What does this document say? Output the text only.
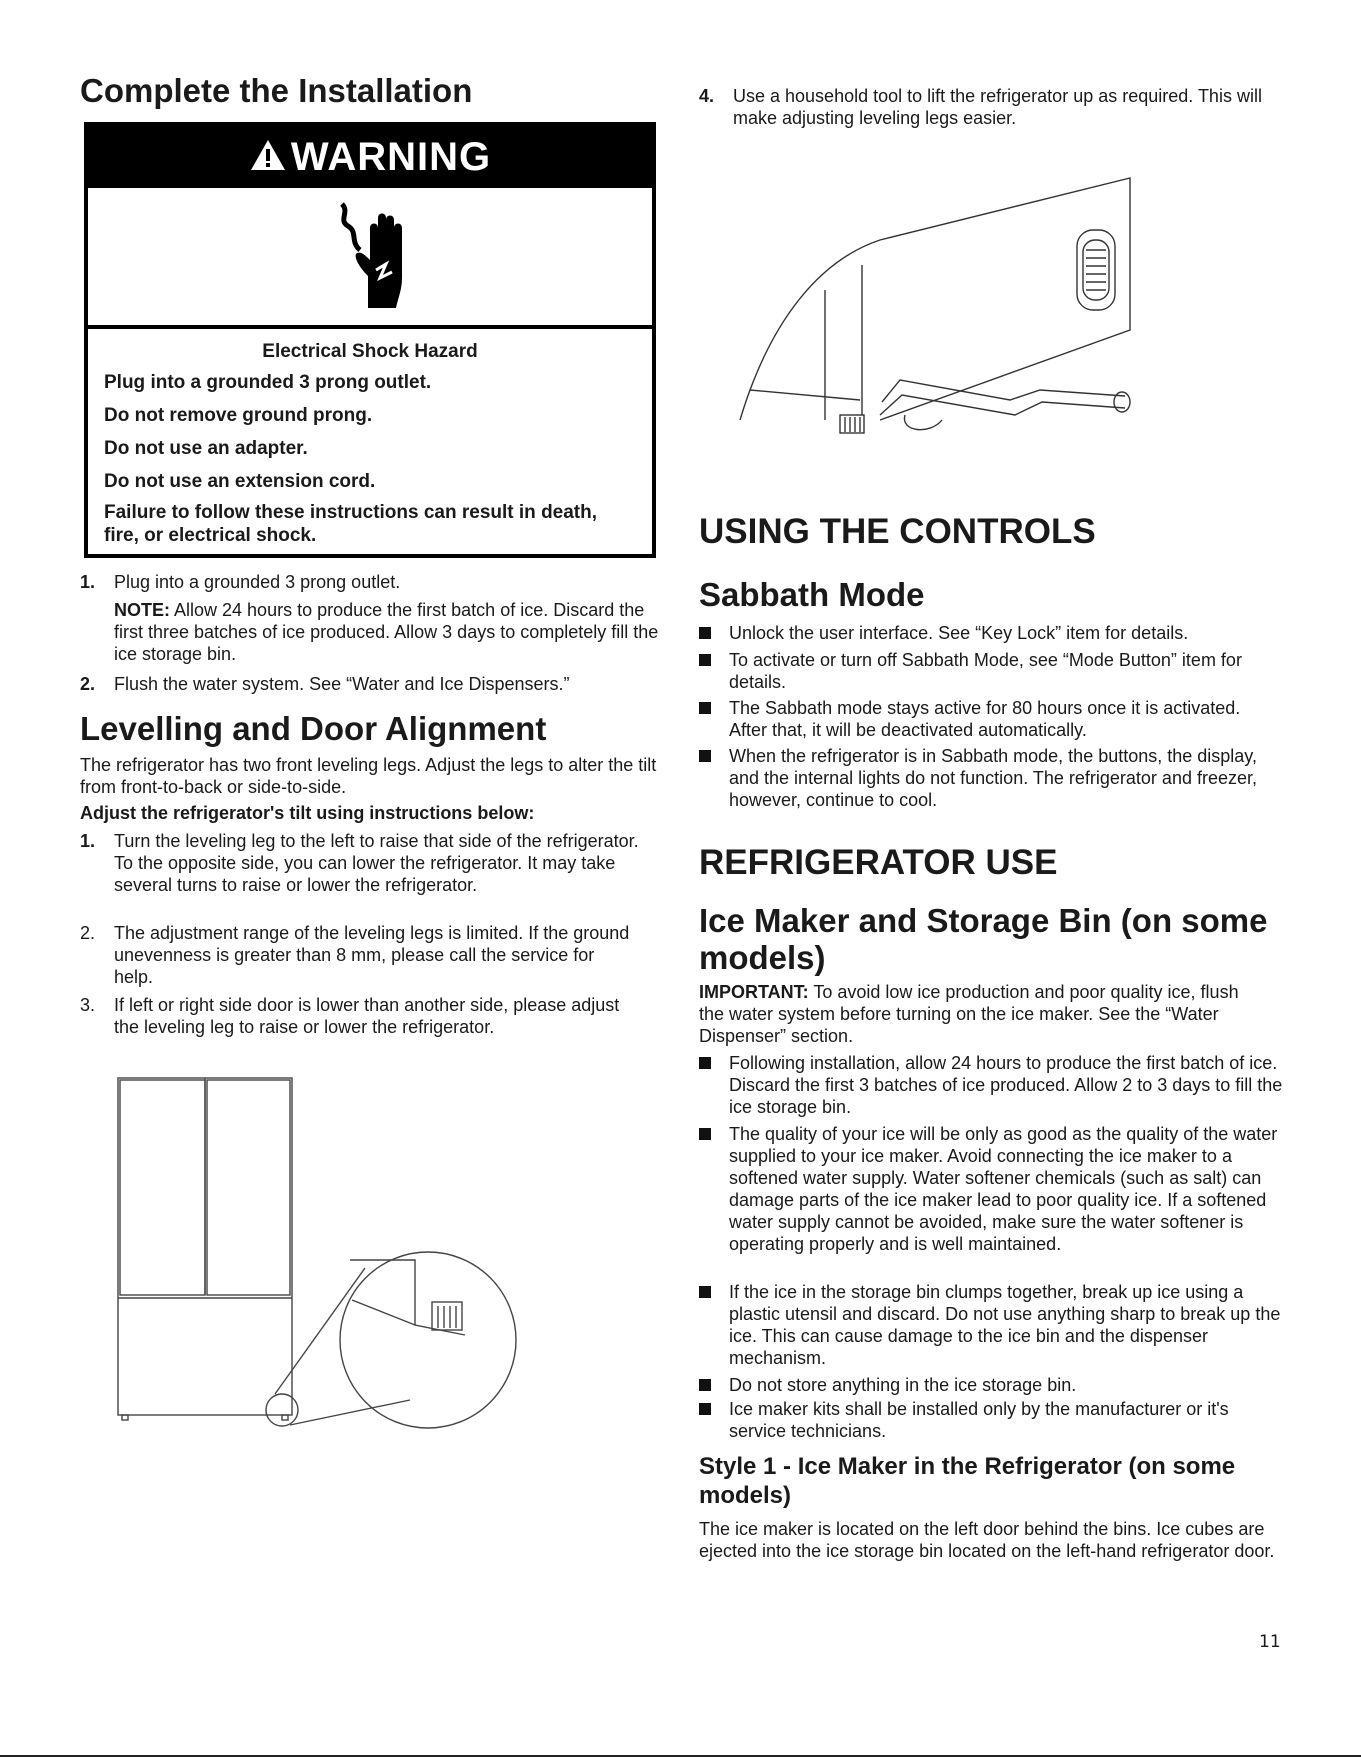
Complete the Installation
WARNING
Electrical Shock Hazard

Plug into a grounded 3 prong outlet.

Do not remove ground prong.

Do not use an adapter.

Do not use an extension cord.

Failure to follow these instructions can result in death, fire, or electrical shock.

1. Plug into a grounded 3 prong outlet.
NOTE: Allow 24 hours to produce the first batch of ice. Discard the first three batches of ice produced. Allow 3 days to completely fill the ice storage bin.
2. Flush the water system. See “Water and Ice Dispensers.”
Levelling and Door Alignment
The refrigerator has two front leveling legs. Adjust the legs to alter the tilt from front-to-back or side-to-side.
Adjust the refrigerator's tilt using instructions below:
1. Turn the leveling leg to the left to raise that side of the refrigerator. To the opposite side, you can lower the refrigerator. It may take several turns to raise or lower the refrigerator.
2. The adjustment range of the leveling legs is limited. If the ground unevenness is greater than 8 mm, please call the service for help.
3. If left or right side door is lower than another side, please adjust the leveling leg to raise or lower the refrigerator.
4. Use a household tool to lift the refrigerator up as required. This will make adjusting leveling legs easier.
USING THE CONTROLS
Sabbath Mode
Unlock the user interface. See “Key Lock” item for details.
To activate or turn off Sabbath Mode, see “Mode Button” item for details.
The Sabbath mode stays active for 80 hours once it is activated. After that, it will be deactivated automatically.
When the refrigerator is in Sabbath mode, the buttons, the display, and the internal lights do not function. The refrigerator and freezer, however, continue to cool.
REFRIGERATOR USE
Ice Maker and Storage Bin (on some models)
IMPORTANT: To avoid low ice production and poor quality ice, flush the water system before turning on the ice maker. See the “Water Dispenser” section.
Following installation, allow 24 hours to produce the first batch of ice. Discard the first 3 batches of ice produced. Allow 2 to 3 days to fill the ice storage bin.
The quality of your ice will be only as good as the quality of the water supplied to your ice maker. Avoid connecting the ice maker to a softened water supply. Water softener chemicals (such as salt) can damage parts of the ice maker lead to poor quality ice. If a softened water supply cannot be avoided, make sure the water softener is operating properly and is well maintained.
If the ice in the storage bin clumps together, break up ice using a plastic utensil and discard. Do not use anything sharp to break up the ice. This can cause damage to the ice bin and the dispenser mechanism.
Do not store anything in the ice storage bin.
Ice maker kits shall be installed only by the manufacturer or it's service technicians.
Style 1 - Ice Maker in the Refrigerator (on some models)
The ice maker is located on the left door behind the bins. Ice cubes are ejected into the ice storage bin located on the left-hand refrigerator door.
11
